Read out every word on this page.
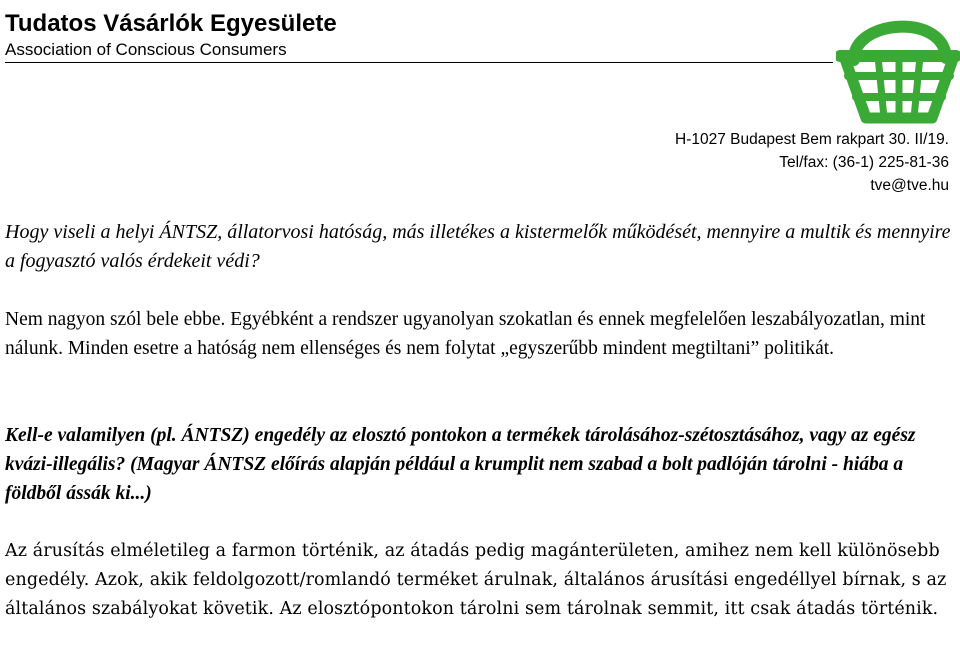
Tudatos Vásárlók Egyesülete
Association of Conscious Consumers
H-1027 Budapest Bem rakpart 30. II/19.
Tel/fax: (36-1) 225-81-36
tve@tve.hu

Hogy viseli a helyi ÁNTSZ, állatorvosi hatóság, más illetékes a kistermelők működését, mennyire a multik és mennyire a fogyasztó valós érdekeit védi?

Nem nagyon szól bele ebbe. Egyébként a rendszer ugyanolyan szokatlan és ennek megfelelően leszabályozatlan, mint nálunk. Minden esetre a hatóság nem ellenséges és nem folytat „egyszerűbb mindent megtiltani” politikát.

Kell-e valamilyen (pl. ÁNTSZ) engedély az elosztó pontokon a termékek tárolásához-szétosztásához, vagy az egész kvázi-illegális? (Magyar ÁNTSZ előírás alapján például a krumplit nem szabad a bolt padlóján tárolni - hiába a földből ássák ki...)

Az árusítás elméletileg a farmon történik, az átadás pedig magánterületen, amihez nem kell különösebb engedély. Azok, akik feldolgozott/romlandó terméket árulnak, általános árusítási engedéllyel bírnak, s az általános szabályokat követik. Az elosztópontokon tárolni sem tárolnak semmit, itt csak átadás történik.
